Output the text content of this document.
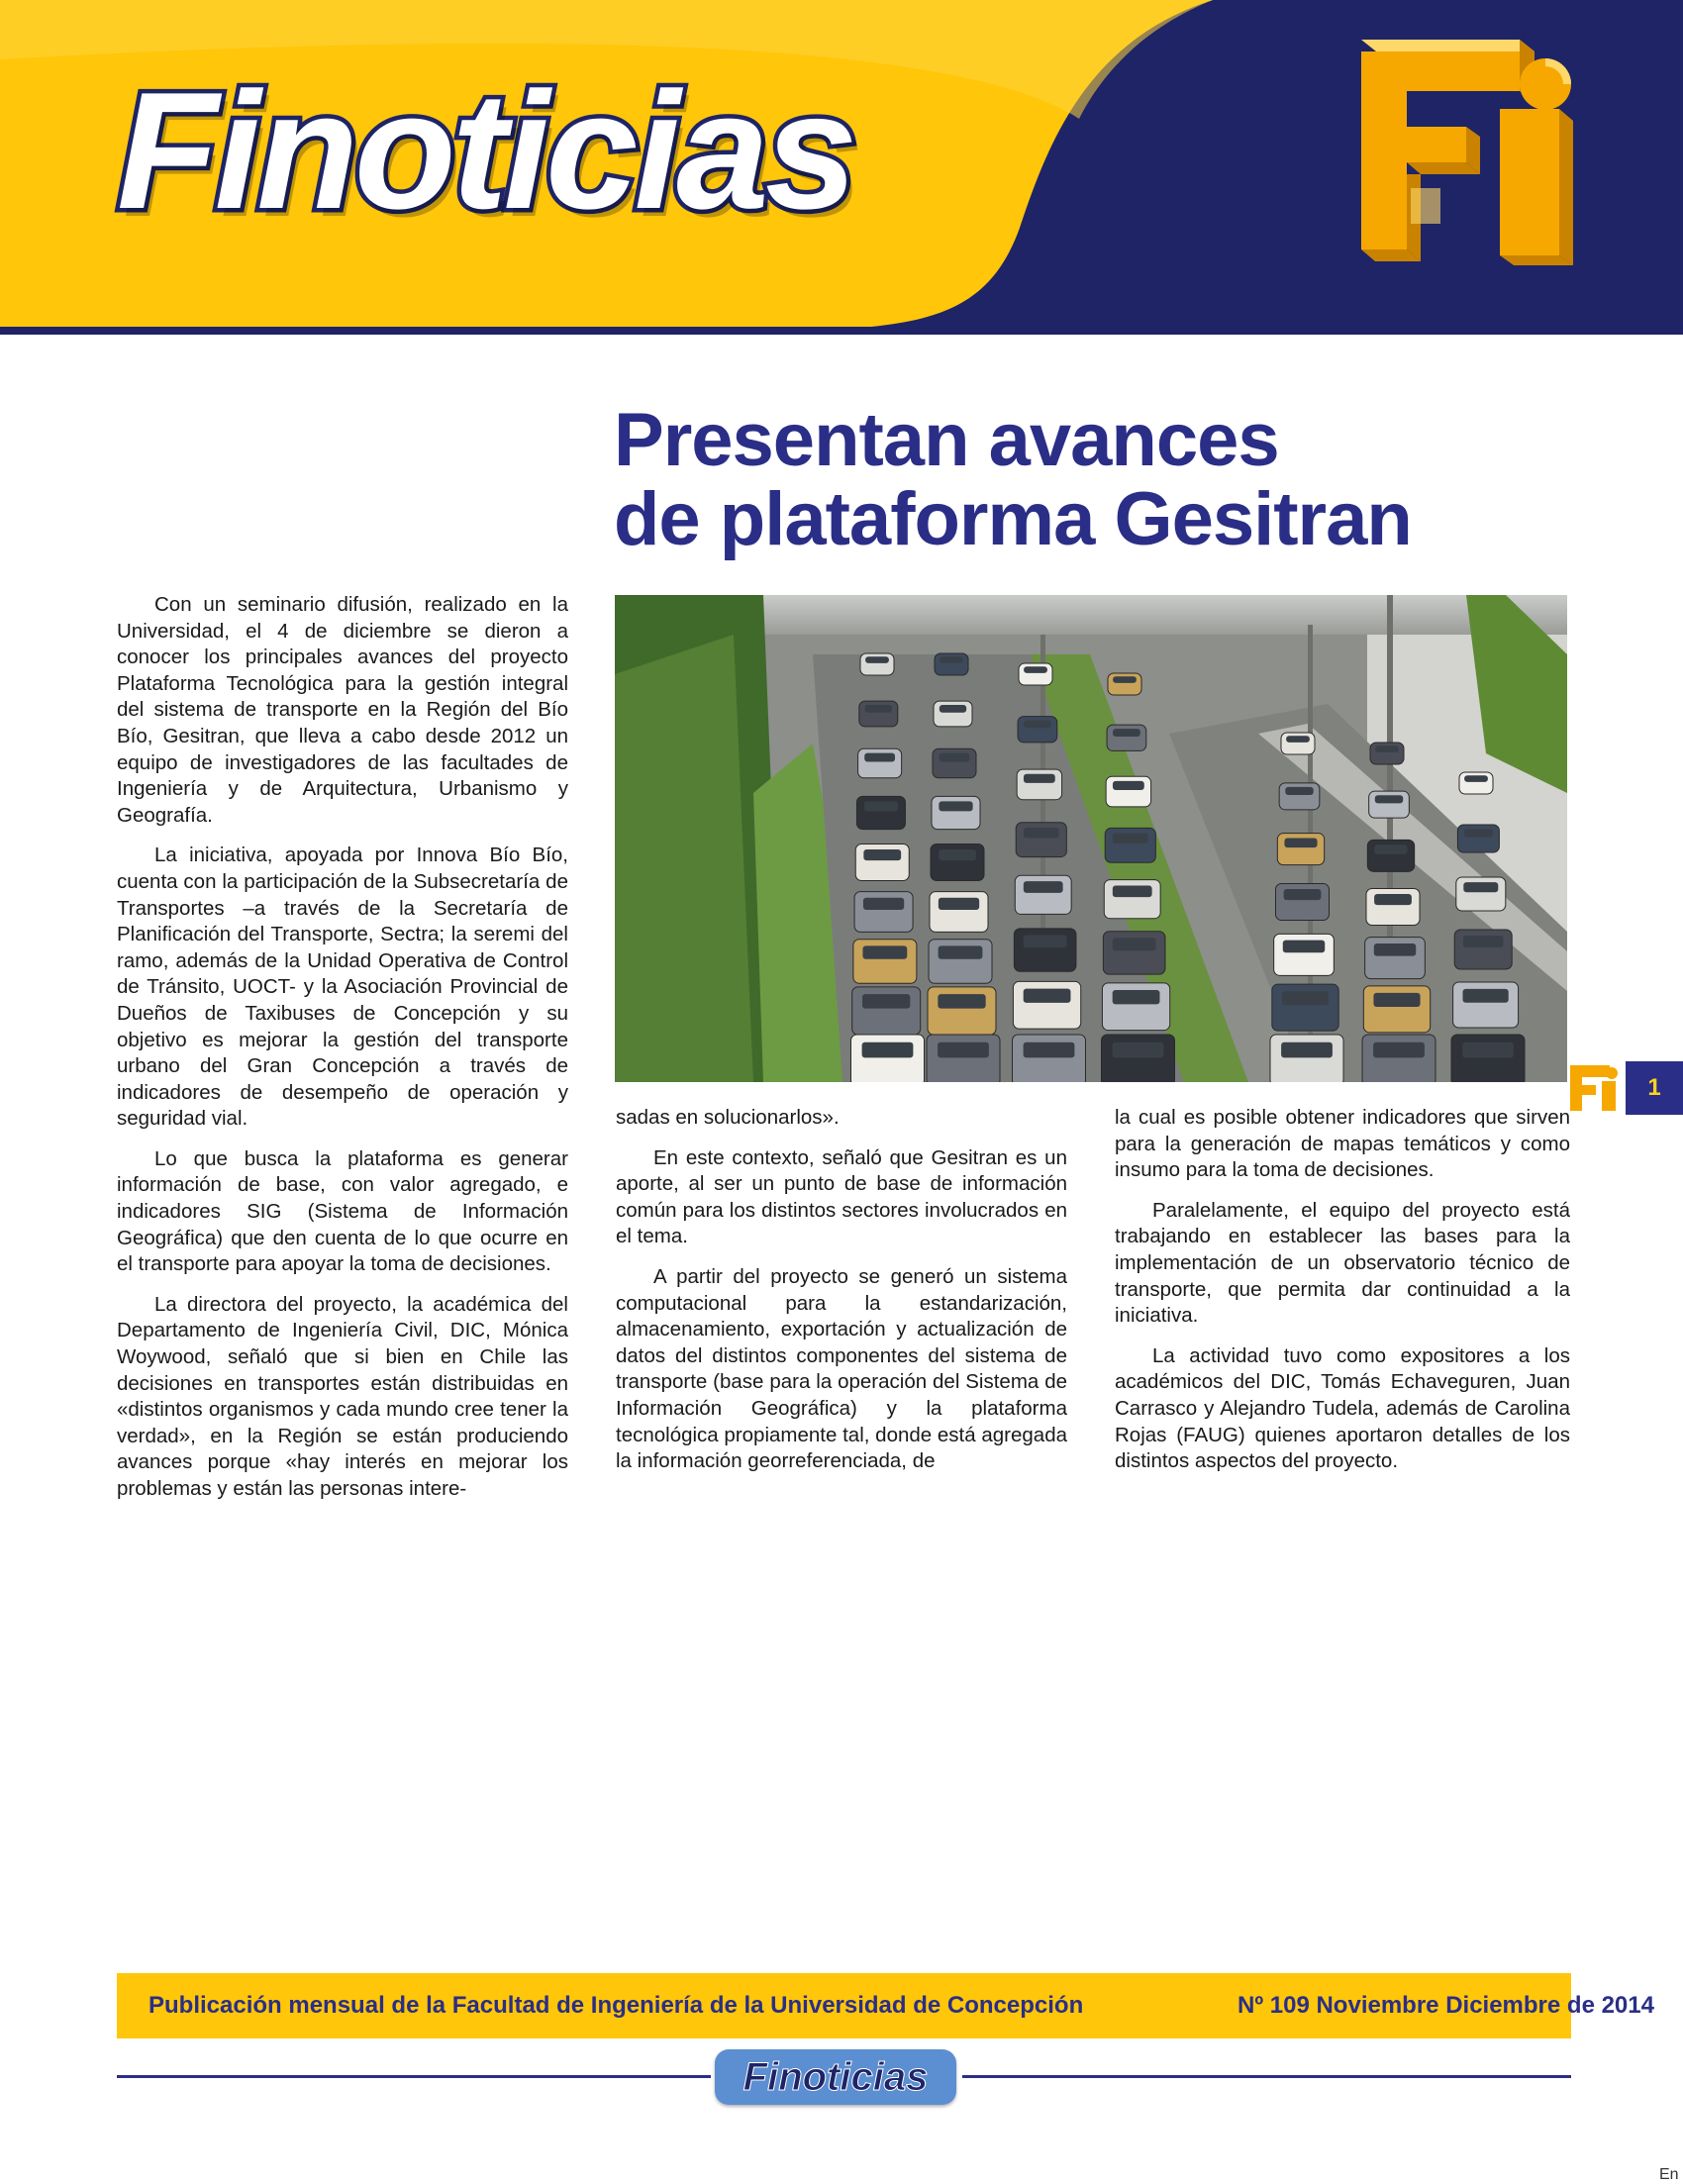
Finoticias
Presentan avances
de plataforma Gesitran

Con un seminario difusión, realizado en la Universidad, el 4 de diciembre se dieron a conocer los principales avances del proyecto Plataforma Tecnológica para la gestión integral del sistema de transporte en la Región del Bío Bío, Gesitran, que lleva a cabo desde 2012 un equipo de investigadores de las facultades de Ingeniería y de Arquitectura, Urbanismo y Geografía.

La iniciativa, apoyada por Innova Bío Bío, cuenta con la participación de la Subsecretaría de Transportes –a través de la Secretaría de Planificación del Transporte, Sectra; la seremi del ramo, además de la Unidad Operativa de Control de Tránsito, UOCT- y la Asociación Provincial de Dueños de Taxibuses de Concepción y su objetivo es mejorar la gestión del transporte urbano del Gran Concepción a través de indicadores de desempeño de operación y seguridad vial.

Lo que busca la plataforma es generar información de base, con valor agregado, e indicadores SIG (Sistema de Información Geográfica) que den cuenta de lo que ocurre en el transporte para apoyar la toma de decisiones.

La directora del proyecto, la académica del Departamento de Ingeniería Civil, DIC, Mónica Woywood, señaló que si bien en Chile las decisiones en transportes están distribuidas en «distintos organismos y cada mundo cree tener la verdad», en la Región se están produciendo avances porque «hay interés en mejorar los problemas y están las personas intere-

sadas en solucionarlos».

En este contexto, señaló que Gesitran es un aporte, al ser un punto de base de información común para los distintos sectores involucrados en el tema.

A partir del proyecto se generó un sistema computacional para la estandarización, almacenamiento, exportación y actualización de datos del distintos componentes del sistema de transporte (base para la operación del Sistema de Información Geográfica) y la plataforma tecnológica propiamente tal, donde está agregada la información georreferenciada, de

la cual es posible obtener indicadores que sirven para la generación de mapas temáticos y como insumo para la toma de decisiones.

Paralelamente, el equipo del proyecto está trabajando en establecer las bases para la implementación de un observatorio técnico de transporte, que permita dar continuidad a la iniciativa.

La actividad tuvo como expositores a los académicos del DIC, Tomás Echaveguren, Juan Carrasco y Alejandro Tudela, además de Carolina Rojas (FAUG) quienes aportaron detalles de los distintos aspectos del proyecto.

1
Publicación mensual de la Facultad de Ingeniería de la Universidad de Concepción	Nº 109 Noviembre Diciembre de 2014
Finoticias
En
